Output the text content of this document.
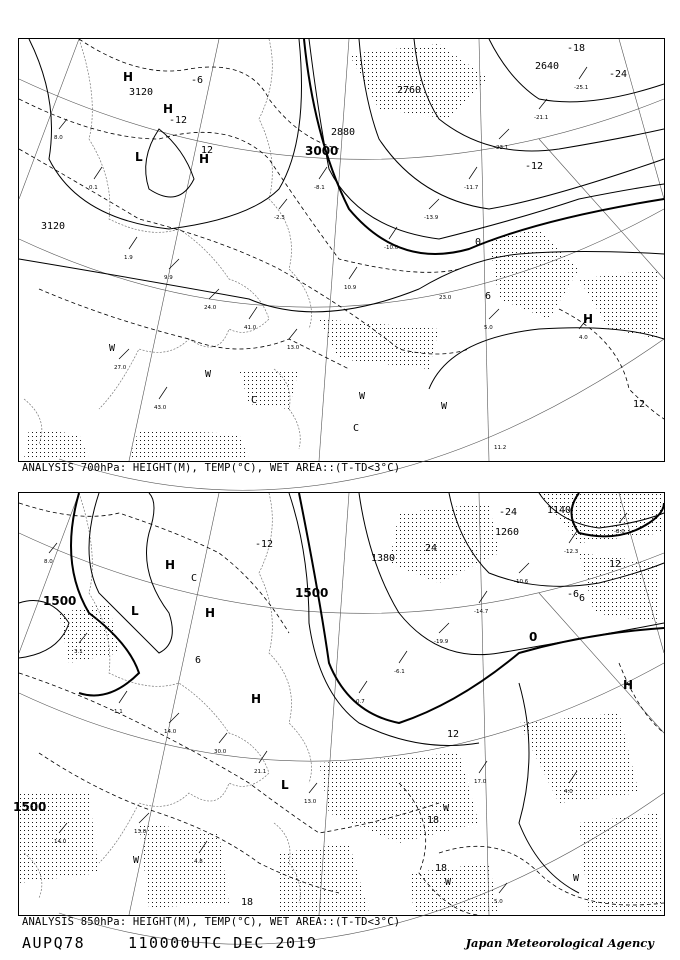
8.0
0.1
1.9
9.9
24.0
41.0
13.0
10.9
-10.0
-13.9
-11.7
-23.1
-21.1
-25.1
27.0
43.0
-8.1
-2.3
5.0
11.2
4.0
23.0
3120
3120
3000
2880
2760
2640
-12
-6
0
6
12
-18
-24
-12
12
H
H
L	H
H
W
W
W
W
C
C
ANALYSIS 700hPa: HEIGHT(M), TEMP(°C), WET AREA::(T-TD<3°C)
8.0
3.1
1.1
14.0
30.0
21.1
13.0
-0.7
-6.1
-19.9
-14.7
-10.6
-12.3
-8.0
13.0
4.8
14.0
17.0
4.0
5.0
1500
1500
1380
1260
1140
1500
-12
-24
12
18
24
-6
6
0
18
18
6
12
H
H
L
H
L
H
W
W
W	W
C
ANALYSIS 850hPa: HEIGHT(M), TEMP(°C), WET AREA::(T-TD<3°C)
AUPQ78	110000UTC DEC 2019	Japan Meteorological Agency
